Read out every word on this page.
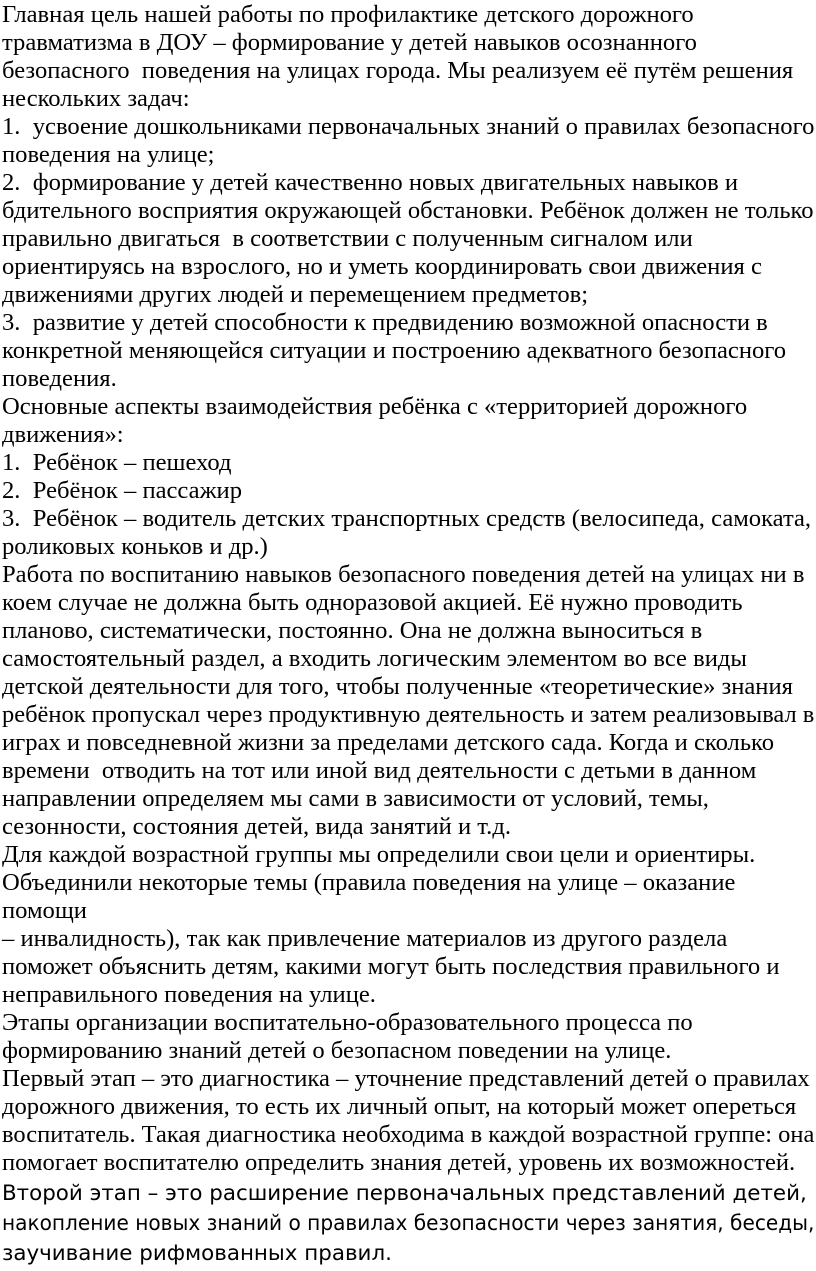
Главная цель нашей работы по профилактике детского дорожного
травматизма в ДОУ – формирование у детей навыков осознанного
безопасного  поведения на улицах города. Мы реализуем её путём решения
нескольких задач:
1.  усвоение дошкольниками первоначальных знаний о правилах безопасного
поведения на улице;
2.  формирование у детей качественно новых двигательных навыков и
бдительного восприятия окружающей обстановки. Ребёнок должен не только
правильно двигаться  в соответствии с полученным сигналом или
ориентируясь на взрослого, но и уметь координировать свои движения с
движениями других людей и перемещением предметов;
3.  развитие у детей способности к предвидению возможной опасности в
конкретной меняющейся ситуации и построению адекватного безопасного
поведения.
Основные аспекты взаимодействия ребёнка с «территорией дорожного
движения»:
1.  Ребёнок – пешеход
2.  Ребёнок – пассажир
3.  Ребёнок – водитель детских транспортных средств (велосипеда, самоката,
роликовых коньков и др.)
Работа по воспитанию навыков безопасного поведения детей на улицах ни в
коем случае не должна быть одноразовой акцией. Её нужно проводить
планово, систематически, постоянно. Она не должна выноситься в
самостоятельный раздел, а входить логическим элементом во все виды
детской деятельности для того, чтобы полученные «теоретические» знания
ребёнок пропускал через продуктивную деятельность и затем реализовывал в
играх и повседневной жизни за пределами детского сада. Когда и сколько
времени  отводить на тот или иной вид деятельности с детьми в данном
направлении определяем мы сами в зависимости от условий, темы,
сезонности, состояния детей, вида занятий и т.д.
Для каждой возрастной группы мы определили свои цели и ориентиры.
Объединили некоторые темы (правила поведения на улице – оказание
помощи
– инвалидность), так как привлечение материалов из другого раздела
поможет объяснить детям, какими могут быть последствия правильного и
неправильного поведения на улице.
Этапы организации воспитательно-образовательного процесса по
формированию знаний детей о безопасном поведении на улице.
Первый этап – это диагностика – уточнение представлений детей о правилах
дорожного движения, то есть их личный опыт, на который может опереться
воспитатель. Такая диагностика необходима в каждой возрастной группе: она
помогает воспитателю определить знания детей, уровень их возможностей.
Второй этап – это расширение первоначальных представлений детей,
накопление новых знаний о правилах безопасности через занятия, беседы,
заучивание рифмованных правил.
